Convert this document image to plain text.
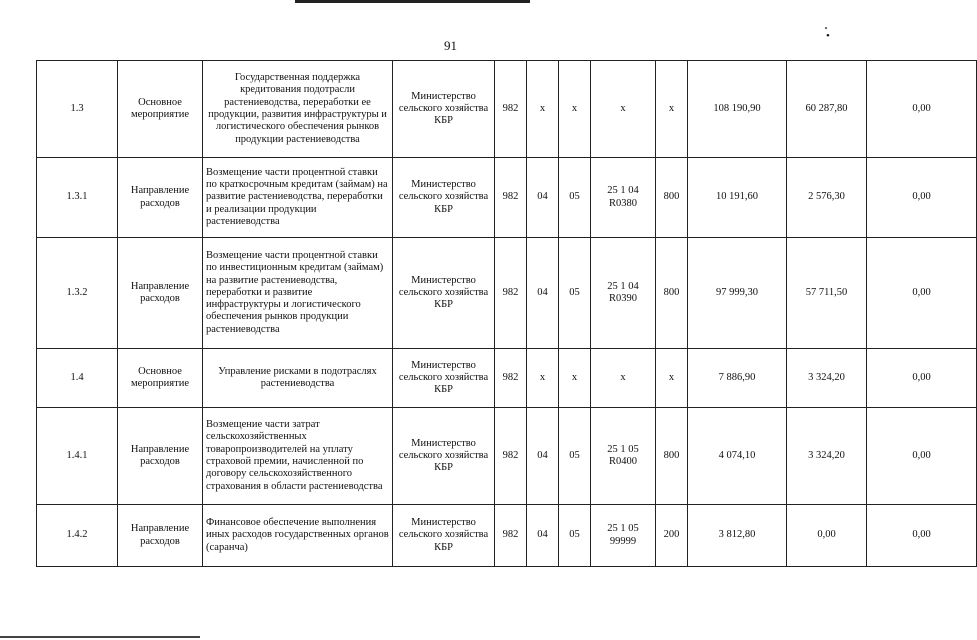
͓ •
91
1.3	Основное мероприятие	Государственная поддержка кредитования подотрасли растениеводства, переработки ее продукции, развития инфраструктуры и логистического обеспечения рынков продукции растениеводства	Министерство сельского хозяйства КБР	982	х	х	х	х	108 190,90	60 287,80	0,00
1.3.1	Направление расходов	Возмещение части процентной ставки по краткосрочным кредитам (займам) на развитие растениеводства, переработки и реализации продукции растениеводства	Министерство сельского хозяйства КБР	982	04	05	25 1 04 R0380	800	10 191,60	2 576,30	0,00
1.3.2	Направление расходов	Возмещение части процентной ставки по инвестиционным кредитам (займам) на развитие растениеводства, переработки и развитие инфраструктуры и логистического обеспечения рынков продукции растениеводства	Министерство сельского хозяйства КБР	982	04	05	25 1 04 R0390	800	97 999,30	57 711,50	0,00
1.4	Основное мероприятие	Управление рисками в подотраслях растениеводства	Министерство сельского хозяйства КБР	982	х	х	х	х	7 886,90	3 324,20	0,00
1.4.1	Направление расходов	Возмещение части затрат сельскохозяйственных товаропроизводителей на уплату страховой премии, начисленной по договору сельскохозяйственного страхования в области растениеводства	Министерство сельского хозяйства КБР	982	04	05	25 1 05 R0400	800	4 074,10	3 324,20	0,00
1.4.2	Направление расходов	Финансовое обеспечение выполнения иных расходов государственных органов (саранча)	Министерство сельского хозяйства КБР	982	04	05	25 1 05 99999	200	3 812,80	0,00	0,00
